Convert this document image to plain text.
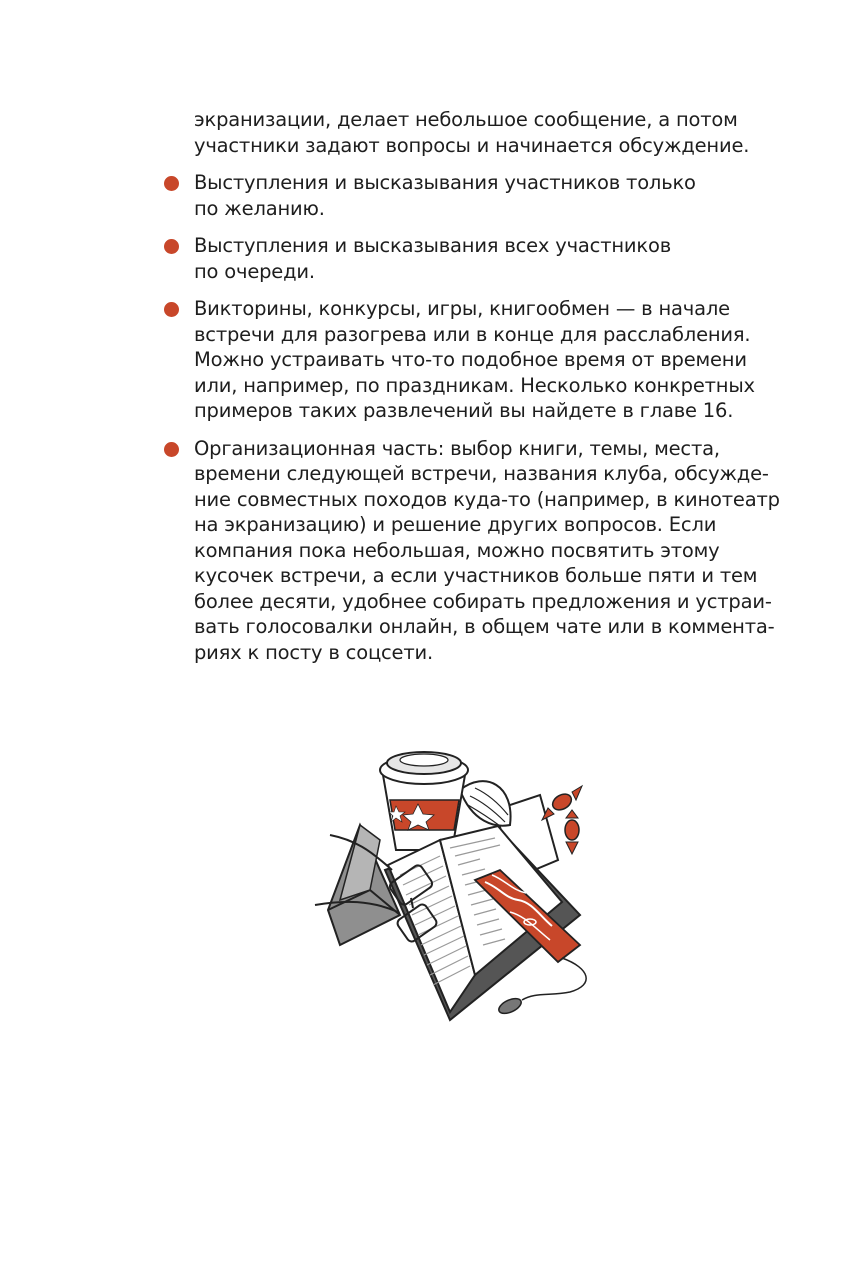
экранизации, делает небольшое сообщение, а потом
участники задают вопросы и начинается обсуждение.
Выступления и высказывания участников только
по желанию.
Выступления и высказывания всех участников
по очереди.
Викторины, конкурсы, игры, книгообмен — в начале
встречи для разогрева или в конце для расслабления.
Можно устраивать что-то подобное время от времени
или, например, по праздникам. Несколько конкретных
примеров таких развлечений вы найдете в главе 16.
Организационная часть: выбор книги, темы, места,
времени следующей встречи, названия клуба, обсужде-
ние совместных походов куда-то (например, в кинотеатр
на экранизацию) и решение других вопросов. Если
компания пока небольшая, можно посвятить этому
кусочек встречи, а если участников больше пяти и тем
более десяти, удобнее собирать предложения и устраи-
вать голосовалки онлайн, в общем чате или в коммента-
риях к посту в соцсети.
